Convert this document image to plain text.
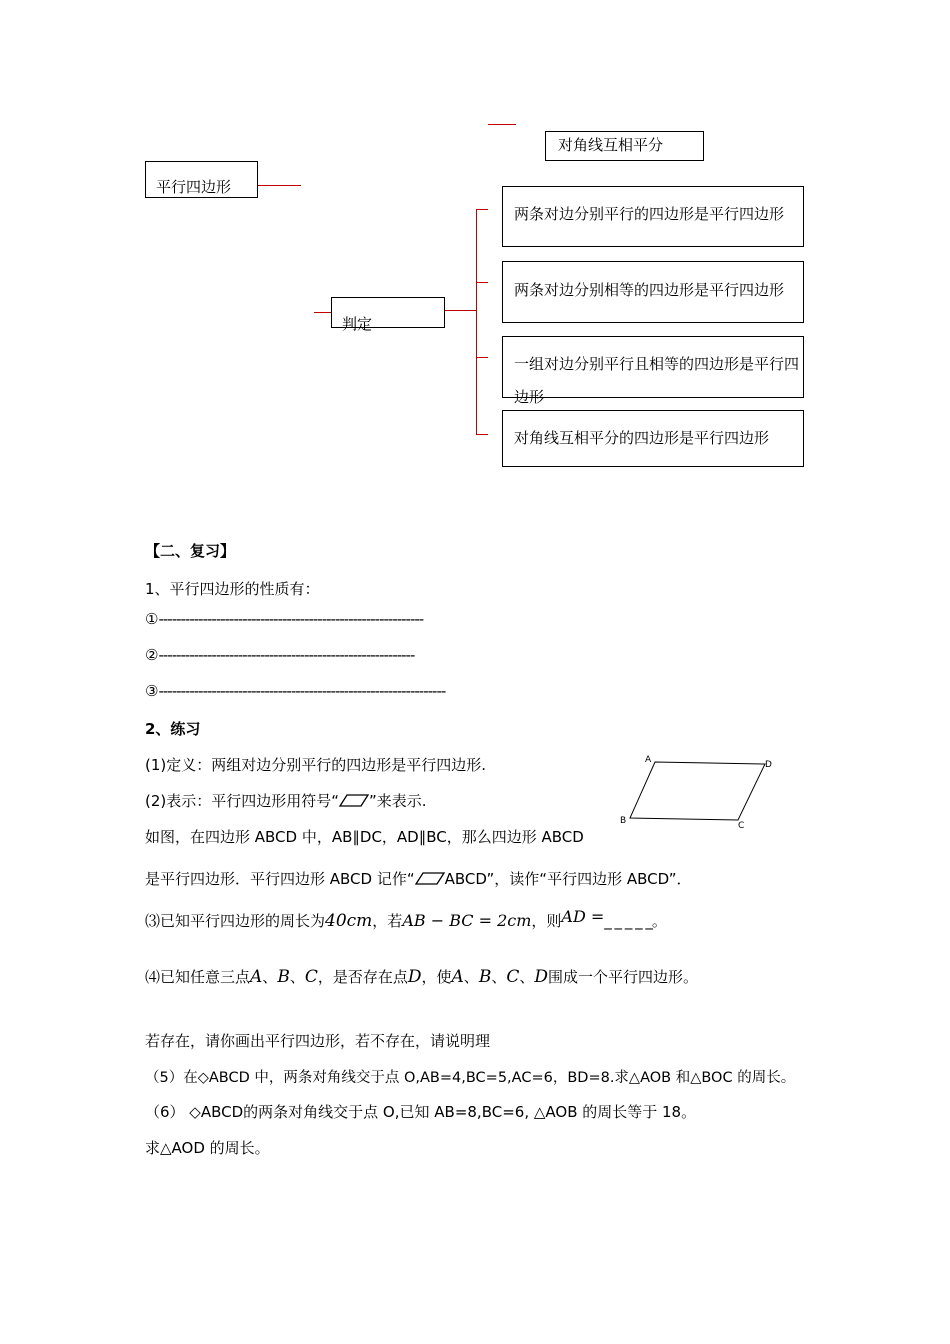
对角线互相平分
平行四边形
判定
两条对边分别平行的四边形是平行四边形
两条对边分别相等的四边形是平行四边形
一组对边分别平行且相等的四边形是平行四边形
对角线互相平分的四边形是平行四边形
【二、复习】
1、平行四边形的性质有：
①------------------------------------------------------------
②----------------------------------------------------------
③-----------------------------------------------------------------
2、练习
(1)定义：两组对边分别平行的四边形是平行四边形.
(2)表示：平行四边形用符号“ ”来表示.
如图，在四边形 ABCD 中，AB∥DC，AD∥BC，那么四边形 ABCD
是平行四边形．平行四边形 ABCD 记作“ ABCD”，读作“平行四边形 ABCD”．
⑶已知平行四边形的周长为40cm，若AB − BC = 2cm，则AD =_ _ _ _ _。
⑷已知任意三点A、B、C，是否存在点D，使A、B、C、D围成一个平行四边形。
若存在，请你画出平行四边形，若不存在，请说明理
（5）在◇ABCD 中，两条对角线交于点 O,AB=4,BC=5,AC=6，BD=8.求△AOB 和△BOC 的周长。
（6） ◇ABCD的两条对角线交于点 O,已知 AB=8,BC=6, △AOB 的周长等于 18。
求△AOD 的周长。
A
B	C
D
